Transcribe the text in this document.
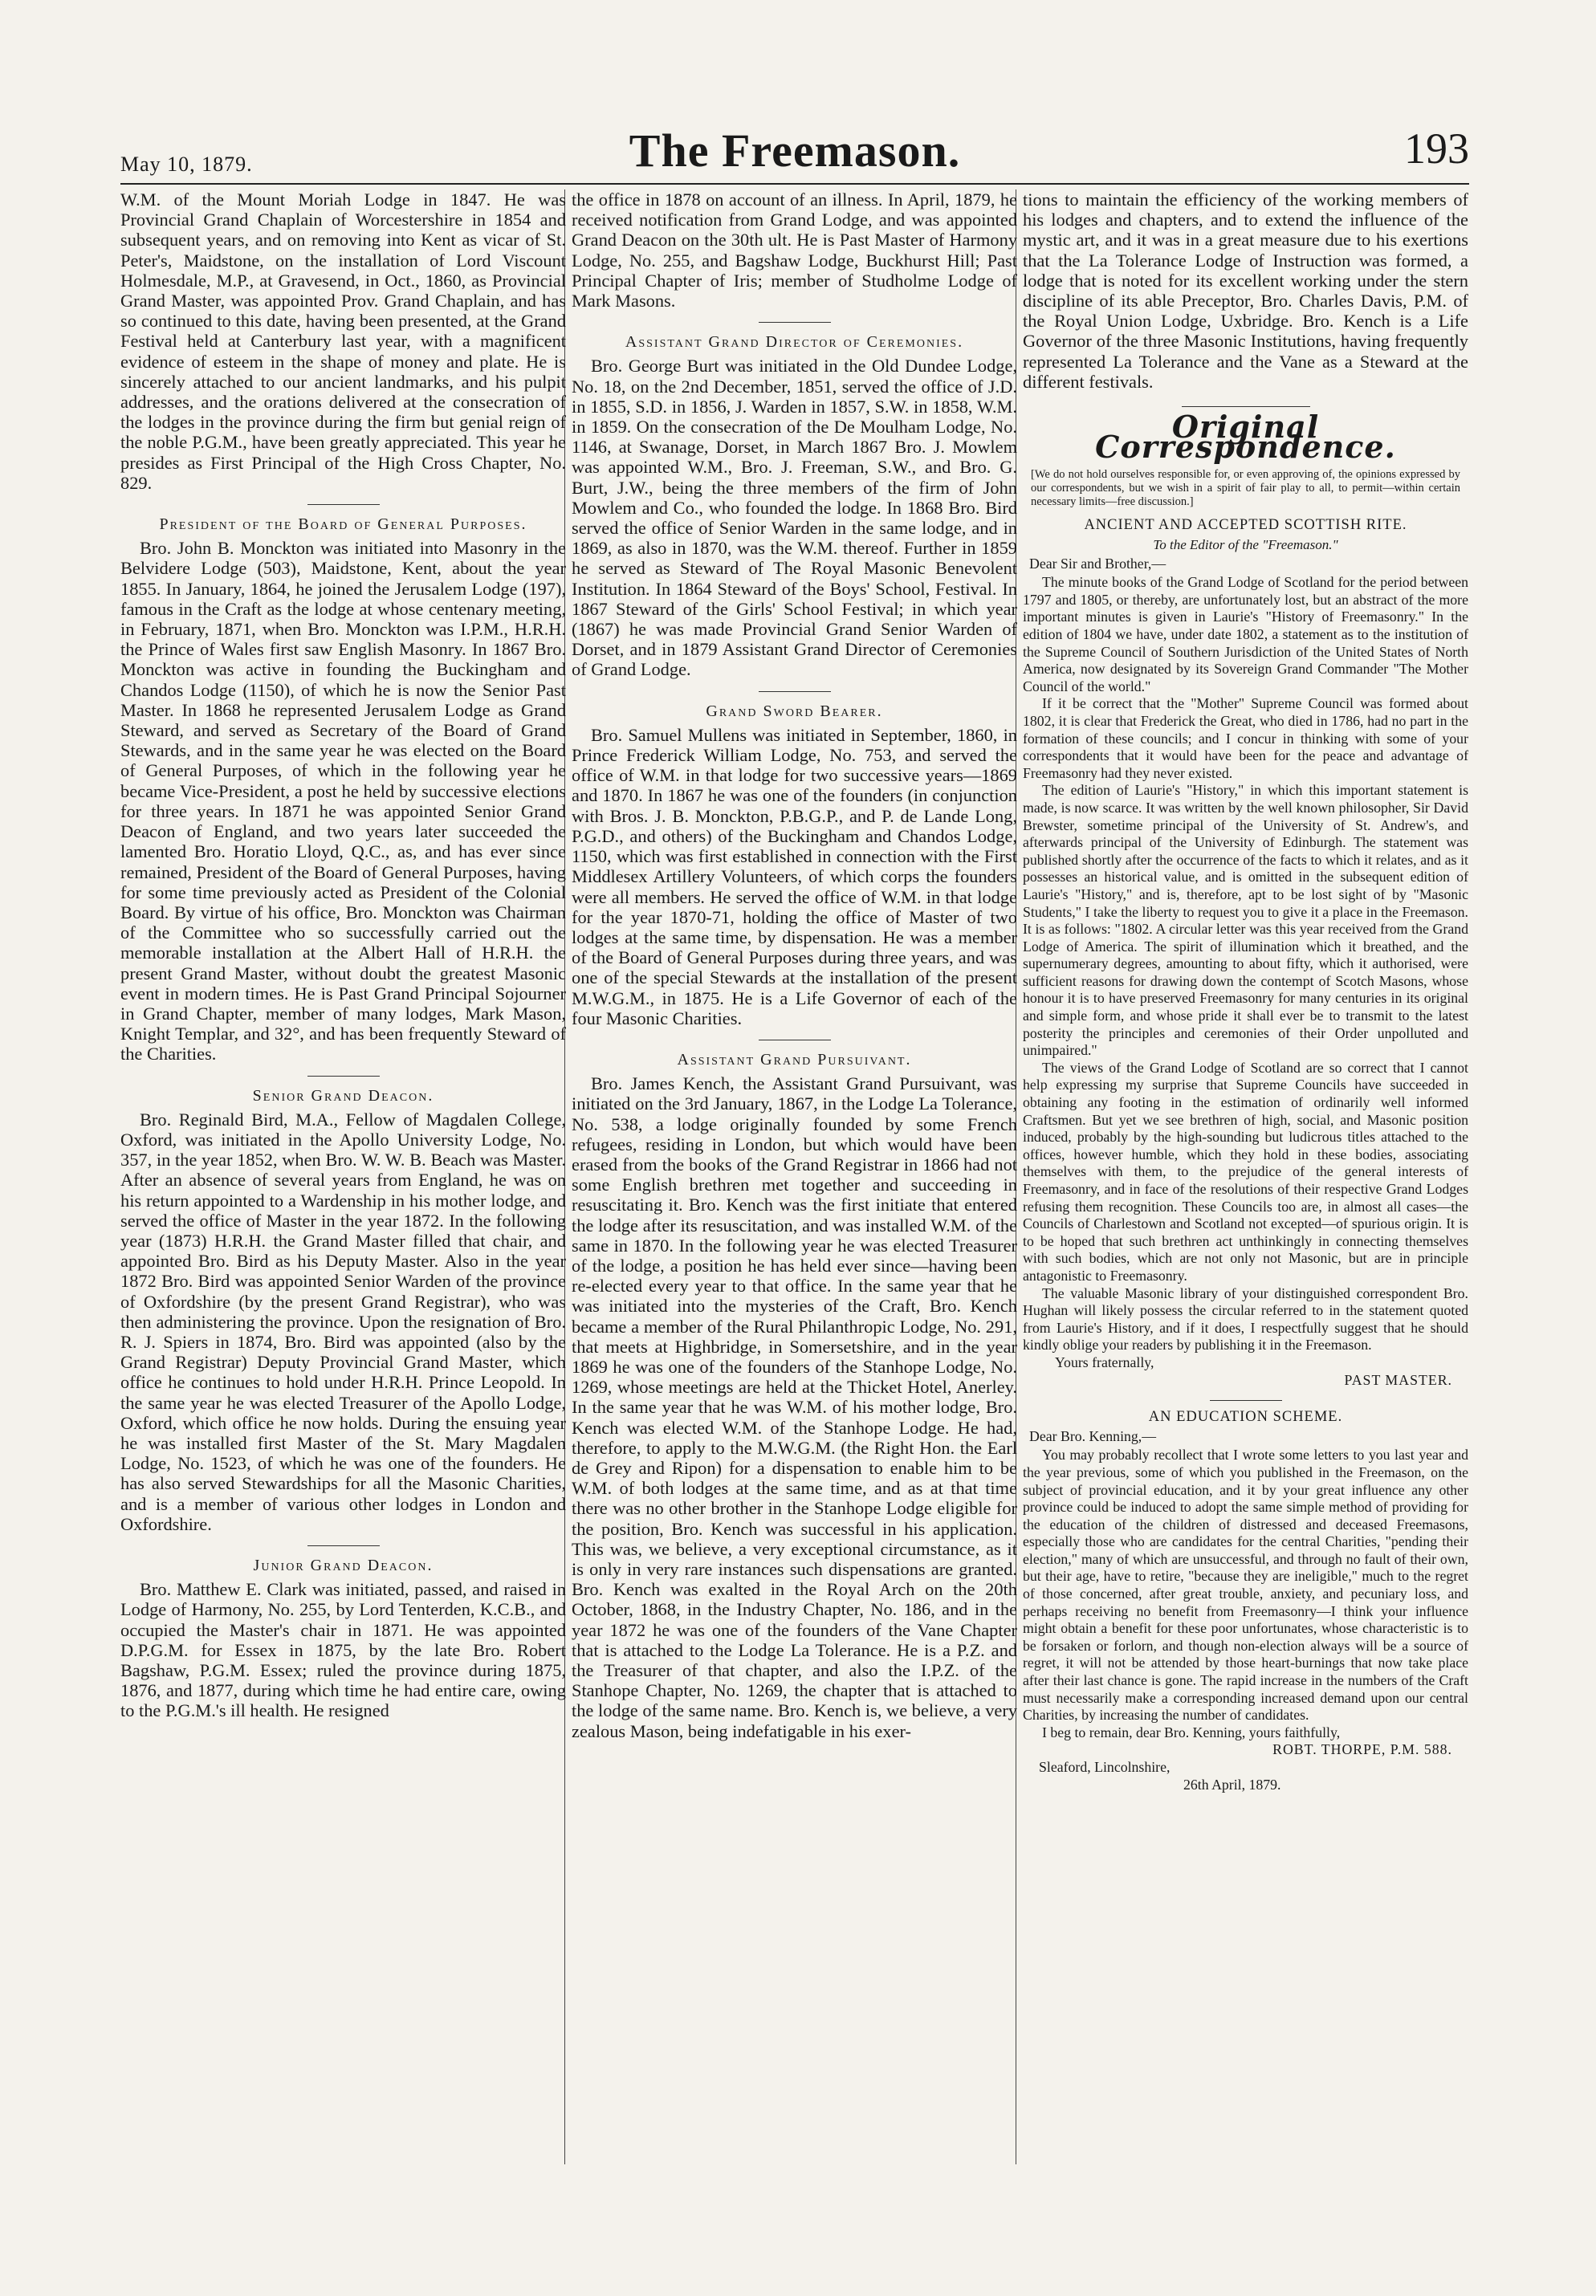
May 10, 1879.	The Freemason.	193

W.M. of the Mount Moriah Lodge in 1847. He was Provincial Grand Chaplain of Worcestershire in 1854 and subsequent years, and on removing into Kent as vicar of St. Peter's, Maidstone, on the installation of Lord Viscount Holmesdale, M.P., at Gravesend, in Oct., 1860, as Provincial Grand Master, was appointed Prov. Grand Chaplain, and has so continued to this date, having been presented, at the Grand Festival held at Canterbury last year, with a magnificent evidence of esteem in the shape of money and plate. He is sincerely attached to our ancient landmarks, and his pulpit addresses, and the orations delivered at the consecration of the lodges in the province during the firm but genial reign of the noble P.G.M., have been greatly appreciated. This year he presides as First Principal of the High Cross Chapter, No. 829.

President of the Board of General Purposes.

Bro. John B. Monckton was initiated into Masonry in the Belvidere Lodge (503), Maidstone, Kent, about the year 1855. In January, 1864, he joined the Jerusalem Lodge (197), famous in the Craft as the lodge at whose centenary meeting, in February, 1871, when Bro. Monckton was I.P.M., H.R.H. the Prince of Wales first saw English Masonry. In 1867 Bro. Monckton was active in founding the Buckingham and Chandos Lodge (1150), of which he is now the Senior Past Master. In 1868 he represented Jerusalem Lodge as Grand Steward, and served as Secretary of the Board of Grand Stewards, and in the same year he was elected on the Board of General Purposes, of which in the following year he became Vice-President, a post he held by successive elections for three years. In 1871 he was appointed Senior Grand Deacon of England, and two years later succeeded the lamented Bro. Horatio Lloyd, Q.C., as, and has ever since remained, President of the Board of General Purposes, having for some time previously acted as President of the Colonial Board. By virtue of his office, Bro. Monckton was Chairman of the Committee who so successfully carried out the memorable installation at the Albert Hall of H.R.H. the present Grand Master, without doubt the greatest Masonic event in modern times. He is Past Grand Principal Sojourner in Grand Chapter, member of many lodges, Mark Mason, Knight Templar, and 32°, and has been frequently Steward of the Charities.

Senior Grand Deacon.

Bro. Reginald Bird, M.A., Fellow of Magdalen College, Oxford, was initiated in the Apollo University Lodge, No. 357, in the year 1852, when Bro. W. W. B. Beach was Master. After an absence of several years from England, he was on his return appointed to a Wardenship in his mother lodge, and served the office of Master in the year 1872. In the following year (1873) H.R.H. the Grand Master filled that chair, and appointed Bro. Bird as his Deputy Master. Also in the year 1872 Bro. Bird was appointed Senior Warden of the province of Oxfordshire (by the present Grand Registrar), who was then administering the province. Upon the resignation of Bro. R. J. Spiers in 1874, Bro. Bird was appointed (also by the Grand Registrar) Deputy Provincial Grand Master, which office he continues to hold under H.R.H. Prince Leopold. In the same year he was elected Treasurer of the Apollo Lodge, Oxford, which office he now holds. During the ensuing year he was installed first Master of the St. Mary Magdalen Lodge, No. 1523, of which he was one of the founders. He has also served Stewardships for all the Masonic Charities, and is a member of various other lodges in London and Oxfordshire.

Junior Grand Deacon.

Bro. Matthew E. Clark was initiated, passed, and raised in Lodge of Harmony, No. 255, by Lord Tenterden, K.C.B., and occupied the Master's chair in 1871. He was appointed D.P.G.M. for Essex in 1875, by the late Bro. Robert Bagshaw, P.G.M. Essex; ruled the province during 1875, 1876, and 1877, during which time he had entire care, owing to the P.G.M.'s ill health. He resigned

the office in 1878 on account of an illness. In April, 1879, he received notification from Grand Lodge, and was appointed Grand Deacon on the 30th ult. He is Past Master of Harmony Lodge, No. 255, and Bagshaw Lodge, Buckhurst Hill; Past Principal Chapter of Iris; member of Studholme Lodge of Mark Masons.

Assistant Grand Director of Ceremonies.

Bro. George Burt was initiated in the Old Dundee Lodge, No. 18, on the 2nd December, 1851, served the office of J.D. in 1855, S.D. in 1856, J. Warden in 1857, S.W. in 1858, W.M. in 1859. On the consecration of the De Moulham Lodge, No. 1146, at Swanage, Dorset, in March 1867 Bro. J. Mowlem was appointed W.M., Bro. J. Freeman, S.W., and Bro. G. Burt, J.W., being the three members of the firm of John Mowlem and Co., who founded the lodge. In 1868 Bro. Bird served the office of Senior Warden in the same lodge, and in 1869, as also in 1870, was the W.M. thereof. Further in 1859 he served as Steward of The Royal Masonic Benevolent Institution. In 1864 Steward of the Boys' School, Festival. In 1867 Steward of the Girls' School Festival; in which year (1867) he was made Provincial Grand Senior Warden of Dorset, and in 1879 Assistant Grand Director of Ceremonies of Grand Lodge.

Grand Sword Bearer.

Bro. Samuel Mullens was initiated in September, 1860, in Prince Frederick William Lodge, No. 753, and served the office of W.M. in that lodge for two successive years—1869 and 1870. In 1867 he was one of the founders (in conjunction with Bros. J. B. Monckton, P.B.G.P., and P. de Lande Long, P.G.D., and others) of the Buckingham and Chandos Lodge, 1150, which was first established in connection with the First Middlesex Artillery Volunteers, of which corps the founders were all members. He served the office of W.M. in that lodge for the year 1870-71, holding the office of Master of two lodges at the same time, by dispensation. He was a member of the Board of General Purposes during three years, and was one of the special Stewards at the installation of the present M.W.G.M., in 1875. He is a Life Governor of each of the four Masonic Charities.

Assistant Grand Pursuivant.

Bro. James Kench, the Assistant Grand Pursuivant, was initiated on the 3rd January, 1867, in the Lodge La Tolerance, No. 538, a lodge originally founded by some French refugees, residing in London, but which would have been erased from the books of the Grand Registrar in 1866 had not some English brethren met together and succeeding in resuscitating it. Bro. Kench was the first initiate that entered the lodge after its resuscitation, and was installed W.M. of the same in 1870. In the following year he was elected Treasurer of the lodge, a position he has held ever since—having been re-elected every year to that office. In the same year that he was initiated into the mysteries of the Craft, Bro. Kench became a member of the Rural Philanthropic Lodge, No. 291, that meets at Highbridge, in Somersetshire, and in the year 1869 he was one of the founders of the Stanhope Lodge, No. 1269, whose meetings are held at the Thicket Hotel, Anerley. In the same year that he was W.M. of his mother lodge, Bro. Kench was elected W.M. of the Stanhope Lodge. He had, therefore, to apply to the M.W.G.M. (the Right Hon. the Earl de Grey and Ripon) for a dispensation to enable him to be W.M. of both lodges at the same time, and as at that time there was no other brother in the Stanhope Lodge eligible for the position, Bro. Kench was successful in his application. This was, we believe, a very exceptional circumstance, as it is only in very rare instances such dispensations are granted. Bro. Kench was exalted in the Royal Arch on the 20th October, 1868, in the Industry Chapter, No. 186, and in the year 1872 he was one of the founders of the Vane Chapter that is attached to the Lodge La Tolerance. He is a P.Z. and the Treasurer of that chapter, and also the I.P.Z. of the Stanhope Chapter, No. 1269, the chapter that is attached to the lodge of the same name. Bro. Kench is, we believe, a very zealous Mason, being indefatigable in his exer-

tions to maintain the efficiency of the working members of his lodges and chapters, and to extend the influence of the mystic art, and it was in a great measure due to his exertions that the La Tolerance Lodge of Instruction was formed, a lodge that is noted for its excellent working under the stern discipline of its able Preceptor, Bro. Charles Davis, P.M. of the Royal Union Lodge, Uxbridge. Bro. Kench is a Life Governor of the three Masonic Institutions, having frequently represented La Tolerance and the Vane as a Steward at the different festivals.

Original Correspondence.

[We do not hold ourselves responsible for, or even approving of, the opinions expressed by our correspondents, but we wish in a spirit of fair play to all, to permit—within certain necessary limits—free discussion.]

ANCIENT AND ACCEPTED SCOTTISH RITE.
To the Editor of the "Freemason."

Dear Sir and Brother,—

The minute books of the Grand Lodge of Scotland for the period between 1797 and 1805, or thereby, are unfortunately lost, but an abstract of the more important minutes is given in Laurie's "History of Freemasonry." In the edition of 1804 we have, under date 1802, a statement as to the institution of the Supreme Council of Southern Jurisdiction of the United States of North America, now designated by its Sovereign Grand Commander "The Mother Council of the world."

If it be correct that the "Mother" Supreme Council was formed about 1802, it is clear that Frederick the Great, who died in 1786, had no part in the formation of these councils; and I concur in thinking with some of your correspondents that it would have been for the peace and advantage of Freemasonry had they never existed.

The edition of Laurie's "History," in which this important statement is made, is now scarce. It was written by the well known philosopher, Sir David Brewster, sometime principal of the University of St. Andrew's, and afterwards principal of the University of Edinburgh. The statement was published shortly after the occurrence of the facts to which it relates, and as it possesses an historical value, and is omitted in the subsequent edition of Laurie's "History," and is, therefore, apt to be lost sight of by "Masonic Students," I take the liberty to request you to give it a place in the Freemason. It is as follows: "1802. A circular letter was this year received from the Grand Lodge of America. The spirit of illumination which it breathed, and the supernumerary degrees, amounting to about fifty, which it authorised, were sufficient reasons for drawing down the contempt of Scotch Masons, whose honour it is to have preserved Freemasonry for many centuries in its original and simple form, and whose pride it shall ever be to transmit to the latest posterity the principles and ceremonies of their Order unpolluted and unimpaired."

The views of the Grand Lodge of Scotland are so correct that I cannot help expressing my surprise that Supreme Councils have succeeded in obtaining any footing in the estimation of ordinarily well informed Craftsmen. But yet we see brethren of high, social, and Masonic position induced, probably by the high-sounding but ludicrous titles attached to the offices, however humble, which they hold in these bodies, associating themselves with them, to the prejudice of the general interests of Freemasonry, and in face of the resolutions of their respective Grand Lodges refusing them recognition. These Councils too are, in almost all cases—the Councils of Charlestown and Scotland not excepted—of spurious origin. It is to be hoped that such brethren act unthinkingly in connecting themselves with such bodies, which are not only not Masonic, but are in principle antagonistic to Freemasonry.

The valuable Masonic library of your distinguished correspondent Bro. Hughan will likely possess the circular referred to in the statement quoted from Laurie's History, and if it does, I respectfully suggest that he should kindly oblige your readers by publishing it in the Freemason.

Yours fraternally,

PAST MASTER.

AN EDUCATION SCHEME.

Dear Bro. Kenning,—

You may probably recollect that I wrote some letters to you last year and the year previous, some of which you published in the Freemason, on the subject of provincial education, and it by your great influence any other province could be induced to adopt the same simple method of providing for the education of the children of distressed and deceased Freemasons, especially those who are candidates for the central Charities, "pending their election," many of which are unsuccessful, and through no fault of their own, but their age, have to retire, "because they are ineligible," much to the regret of those concerned, after great trouble, anxiety, and pecuniary loss, and perhaps receiving no benefit from Freemasonry—I think your influence might obtain a benefit for these poor unfortunates, whose characteristic is to be forsaken or forlorn, and though non-election always will be a source of regret, it will not be attended by those heart-burnings that now take place after their last chance is gone. The rapid increase in the numbers of the Craft must necessarily make a corresponding increased demand upon our central Charities, by increasing the number of candidates.

I beg to remain, dear Bro. Kenning, yours faithfully,

ROBT. THORPE, P.M. 588.

Sleaford, Lincolnshire,

26th April, 1879.
